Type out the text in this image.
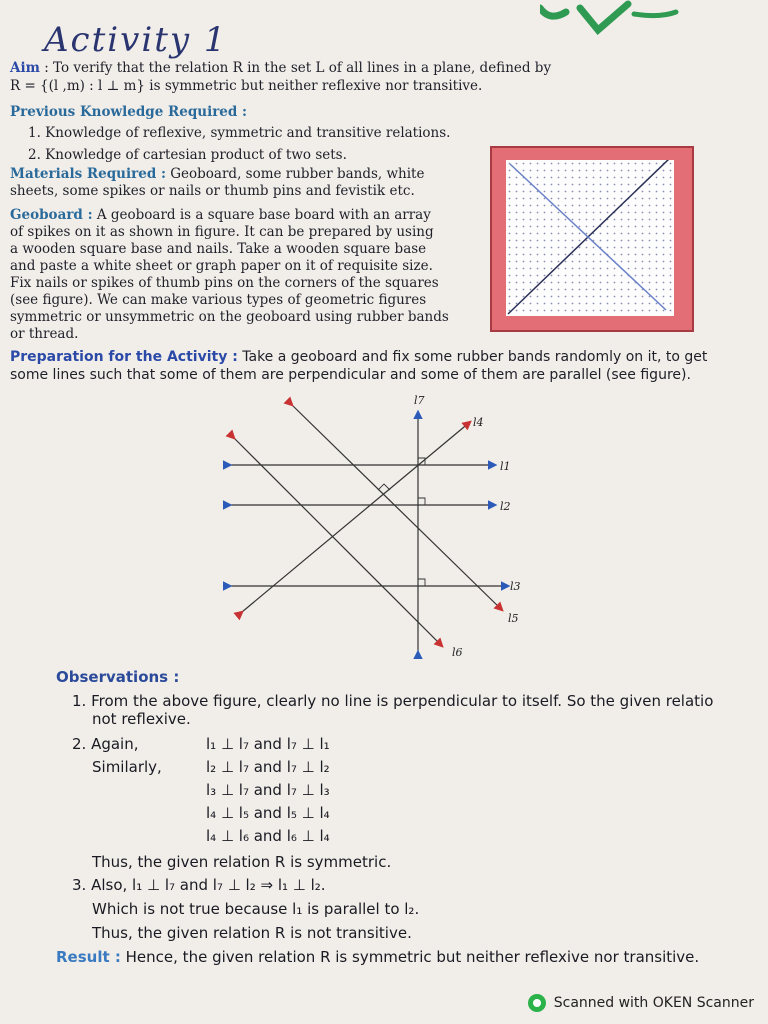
Activity 1
Aim : To verify that the relation R in the set L of all lines in a plane, defined by
R = {(l ,m) : l ⊥ m} is symmetric but neither reflexive nor transitive.
Previous Knowledge Required :
1. Knowledge of reflexive, symmetric and transitive relations.
2. Knowledge of cartesian product of two sets.
Materials Required : Geoboard, some rubber bands, white
sheets, some spikes or nails or thumb pins and fevistik etc.
Geoboard : A geoboard is a square base board with an array
of spikes on it as shown in figure. It can be prepared by using
a wooden square base and nails. Take a wooden square base
and paste a white sheet or graph paper on it of requisite size.
Fix nails or spikes of thumb pins on the corners of the squares
(see figure). We can make various types of geometric figures
symmetric or unsymmetric on the geoboard using rubber bands
or thread.
Preparation for the Activity : Take a geoboard and fix some rubber bands randomly on it, to get
some lines such that some of them are perpendicular and some of them are parallel (see figure).
l7
l4
l1
l2
l3
l5
l6
Observations :
1. From the above figure, clearly no line is perpendicular to itself. So the given relatio
not reflexive.
2. Again,
Similarly,
l₁ ⊥ l₇ and l₇ ⊥ l₁
l₂ ⊥ l₇ and l₇ ⊥ l₂
l₃ ⊥ l₇ and l₇ ⊥ l₃
l₄ ⊥ l₅ and l₅ ⊥ l₄
l₄ ⊥ l₆ and l₆ ⊥ l₄
Thus, the given relation R is symmetric.
3. Also, l₁ ⊥ l₇ and l₇ ⊥ l₂ ⇒ l₁ ⊥ l₂.
Which is not true because l₁ is parallel to l₂.
Thus, the given relation R is not transitive.
Result : Hence, the given relation R is symmetric but neither reflexive nor transitive.
Scanned with OKEN Scanner
